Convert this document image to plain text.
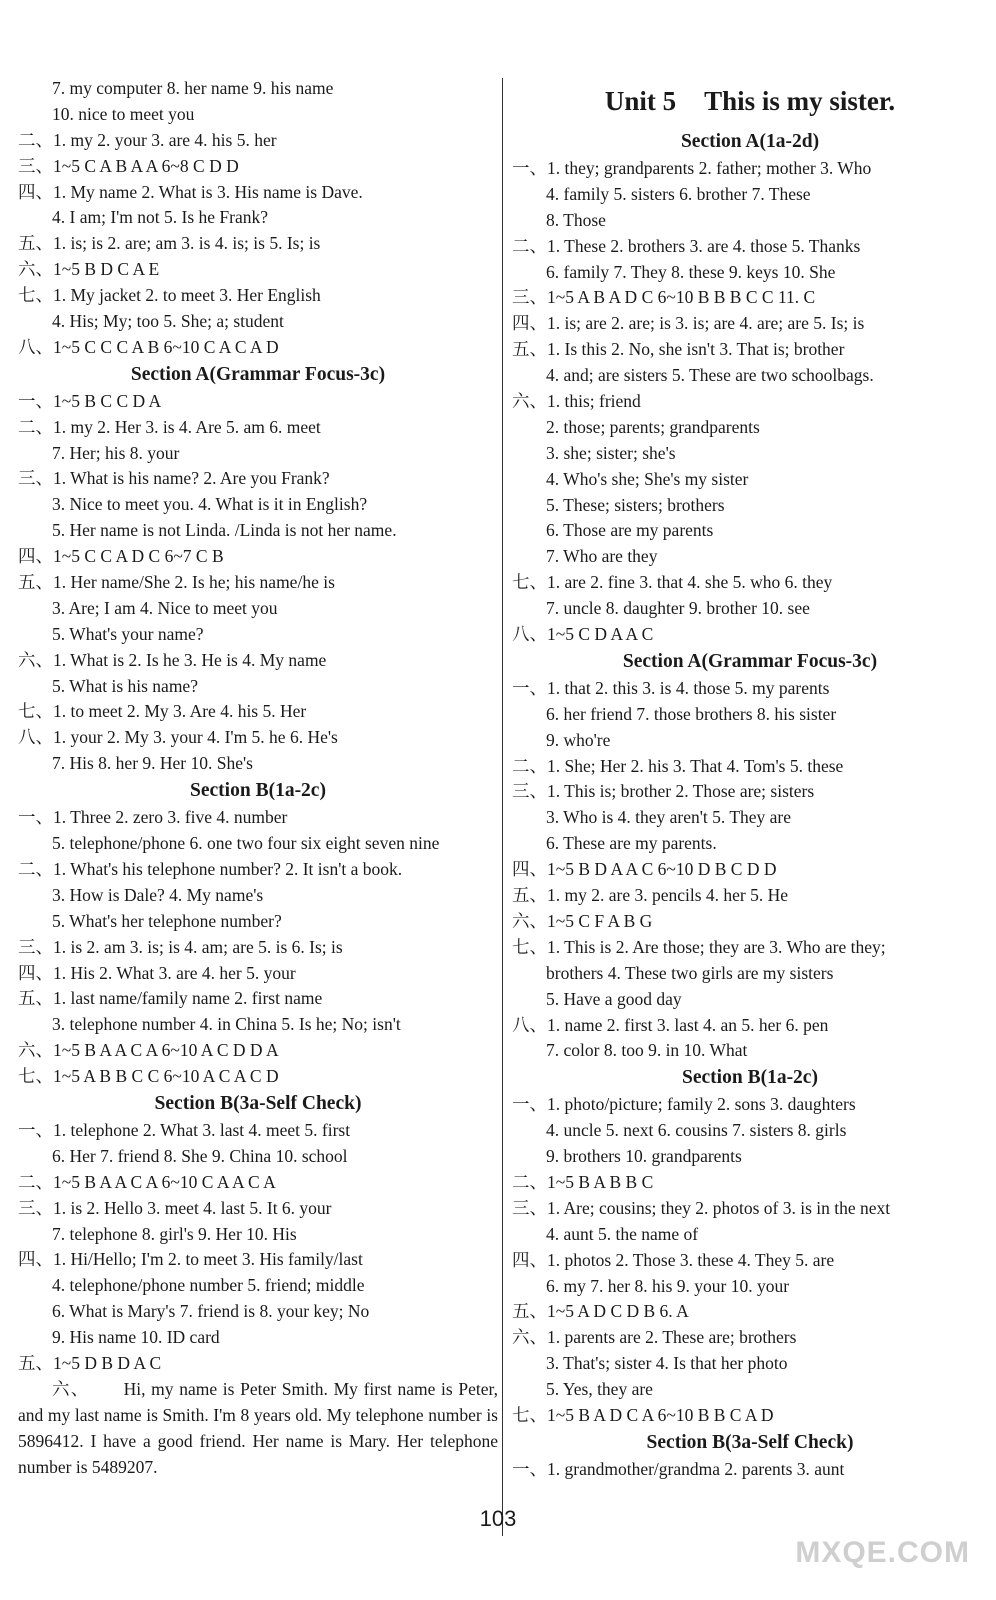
7. my computer 8. her name 9. his name
10. nice to meet you
二、1. my 2. your 3. are 4. his 5. her
三、1~5 C A B A A 6~8 C D D
四、1. My name 2. What is 3. His name is Dave.
4. I am; I'm not 5. Is he Frank?
五、1. is; is 2. are; am 3. is 4. is; is 5. Is; is
六、1~5 B D C A E
七、1. My jacket 2. to meet 3. Her English
4. His; My; too 5. She; a; student
八、1~5 C C C A B 6~10 C A C A D
Section A(Grammar Focus-3c)
一、1~5 B C C D A
二、1. my 2. Her 3. is 4. Are 5. am 6. meet
7. Her; his 8. your
三、1. What is his name? 2. Are you Frank?
3. Nice to meet you. 4. What is it in English?
5. Her name is not Linda. /Linda is not her name.
四、1~5 C C A D C 6~7 C B
五、1. Her name/She 2. Is he; his name/he is
3. Are; I am 4. Nice to meet you
5. What's your name?
六、1. What is 2. Is he 3. He is 4. My name
5. What is his name?
七、1. to meet 2. My 3. Are 4. his 5. Her
八、1. your 2. My 3. your 4. I'm 5. he 6. He's
7. His 8. her 9. Her 10. She's
Section B(1a-2c)
一、1. Three 2. zero 3. five 4. number
5. telephone/phone 6. one two four six eight seven nine
二、1. What's his telephone number? 2. It isn't a book.
3. How is Dale? 4. My name's
5. What's her telephone number?
三、1. is 2. am 3. is; is 4. am; are 5. is 6. Is; is
四、1. His 2. What 3. are 4. her 5. your
五、1. last name/family name 2. first name
3. telephone number 4. in China 5. Is he; No; isn't
六、1~5 B A A C A 6~10 A C D D A
七、1~5 A B B C C 6~10 A C A C D
Section B(3a-Self Check)
一、1. telephone 2. What 3. last 4. meet 5. first
6. Her 7. friend 8. She 9. China 10. school
二、1~5 B A A C A 6~10 C A A C A
三、1. is 2. Hello 3. meet 4. last 5. It 6. your
7. telephone 8. girl's 9. Her 10. His
四、1. Hi/Hello; I'm 2. to meet 3. His family/last
4. telephone/phone number 5. friend; middle
6. What is Mary's 7. friend is 8. your key; No
9. His name 10. ID card
五、1~5 D B D A C
六、 Hi, my name is Peter Smith. My first name is Peter, and my last name is Smith. I'm 8 years old. My telephone number is 5896412. I have a good friend. Her name is Mary. Her telephone number is 5489207.
Unit 5 This is my sister.
Section A(1a-2d)
一、1. they; grandparents 2. father; mother 3. Who
4. family 5. sisters 6. brother 7. These
8. Those
二、1. These 2. brothers 3. are 4. those 5. Thanks
6. family 7. They 8. these 9. keys 10. She
三、1~5 A B A D C 6~10 B B B C C 11. C
四、1. is; are 2. are; is 3. is; are 4. are; are 5. Is; is
五、1. Is this 2. No, she isn't 3. That is; brother
4. and; are sisters 5. These are two schoolbags.
六、1. this; friend
2. those; parents; grandparents
3. she; sister; she's
4. Who's she; She's my sister
5. These; sisters; brothers
6. Those are my parents
7. Who are they
七、1. are 2. fine 3. that 4. she 5. who 6. they
7. uncle 8. daughter 9. brother 10. see
八、1~5 C D A A C
Section A(Grammar Focus-3c)
一、1. that 2. this 3. is 4. those 5. my parents
6. her friend 7. those brothers 8. his sister
9. who're
二、1. She; Her 2. his 3. That 4. Tom's 5. these
三、1. This is; brother 2. Those are; sisters
3. Who is 4. they aren't 5. They are
6. These are my parents.
四、1~5 B D A A C 6~10 D B C D D
五、1. my 2. are 3. pencils 4. her 5. He
六、1~5 C F A B G
七、1. This is 2. Are those; they are 3. Who are they;
brothers 4. These two girls are my sisters
5. Have a good day
八、1. name 2. first 3. last 4. an 5. her 6. pen
7. color 8. too 9. in 10. What
Section B(1a-2c)
一、1. photo/picture; family 2. sons 3. daughters
4. uncle 5. next 6. cousins 7. sisters 8. girls
9. brothers 10. grandparents
二、1~5 B A B B C
三、1. Are; cousins; they 2. photos of 3. is in the next
4. aunt 5. the name of
四、1. photos 2. Those 3. these 4. They 5. are
6. my 7. her 8. his 9. your 10. your
五、1~5 A D C D B 6. A
六、1. parents are 2. These are; brothers
3. That's; sister 4. Is that her photo
5. Yes, they are
七、1~5 B A D C A 6~10 B B C A D
Section B(3a-Self Check)
一、1. grandmother/grandma 2. parents 3. aunt
103
MXQE.COM
